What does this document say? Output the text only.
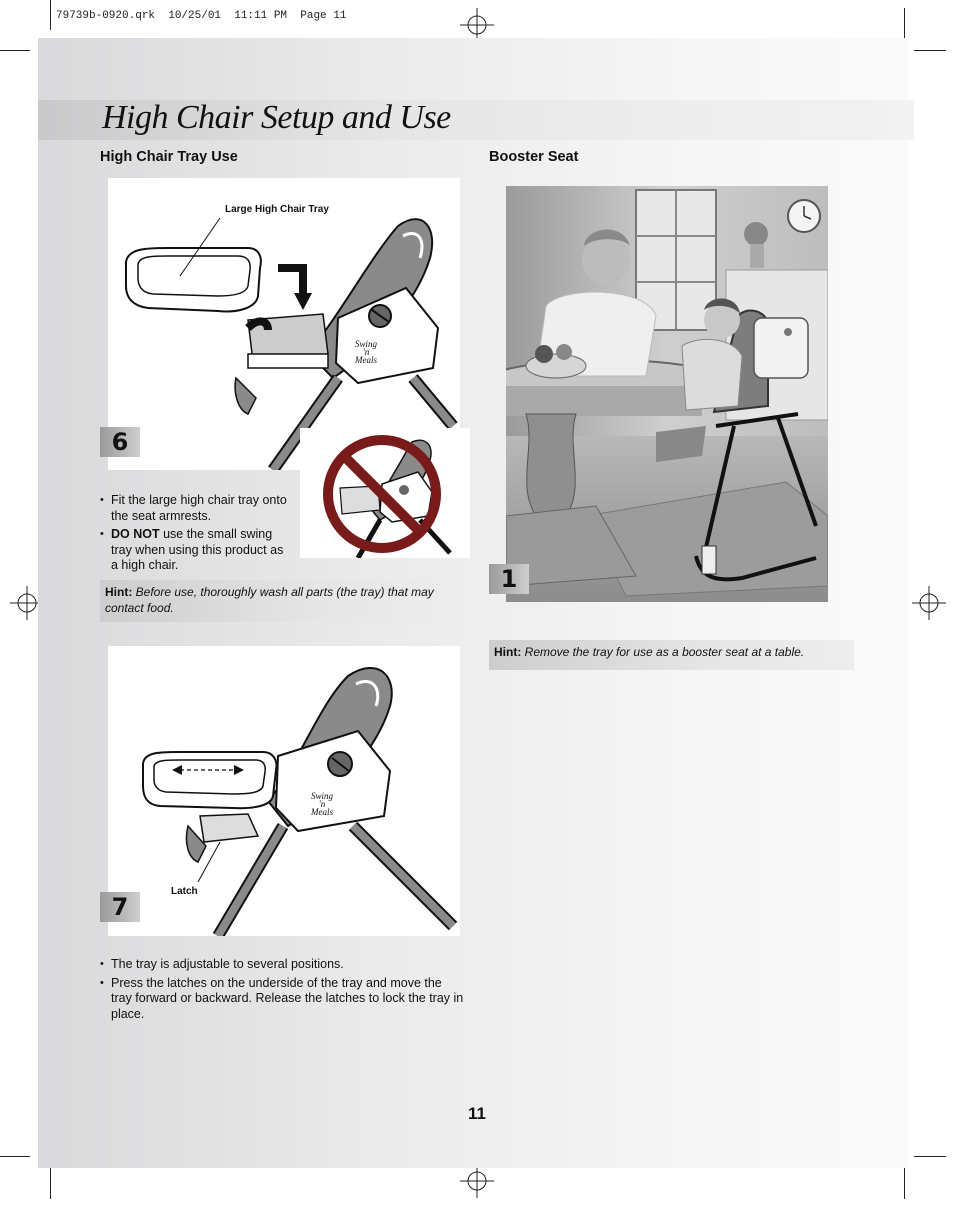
79739b-0920.qrk  10/25/01  11:11 PM  Page 11
High Chair Setup and Use
High Chair Tray Use
Large High Chair Tray
Swing
'n
Meals
6
• Fit the large high chair tray onto the seat armrests.
• DO NOT use the small swing tray when using this product as a high chair.
Hint: Before use, thoroughly wash all parts (the tray) that may contact food.
Latch
Swing
'n
Meals
7
• The tray is adjustable to several positions.
• Press the latches on the underside of the tray and move the tray forward or backward. Release the latches to lock the tray in place.
Booster Seat
1
Hint: Remove the tray for use as a booster seat at a table.
11
